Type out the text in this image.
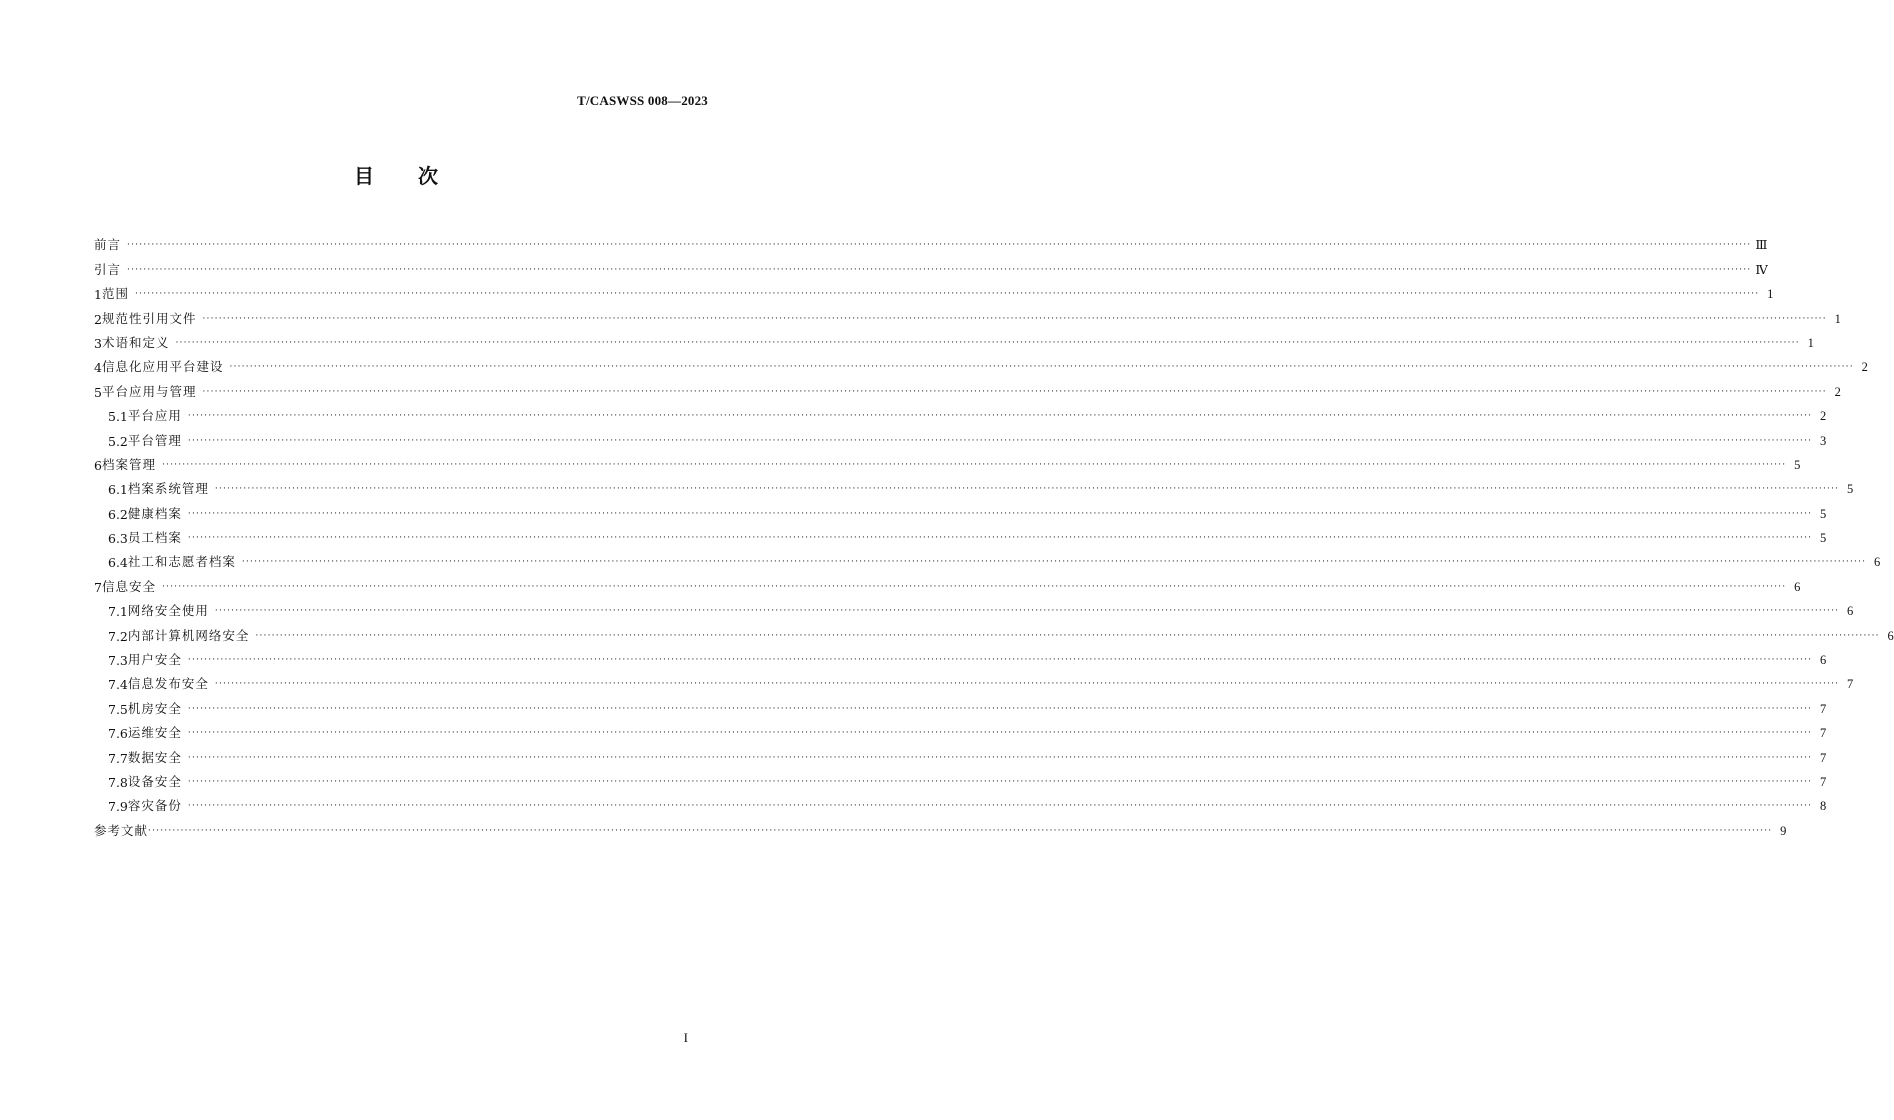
T/CASWSS 008—2023
目次
前言 ················································································································································································································································································································································································································ Ⅲ
引言 ················································································································································································································································································································································································································ Ⅳ
1 范围 ················································································································································································································································································································································································································ 1
2 规范性引用文件 ················································································································································································································································································································································································································ 1
3 术语和定义 ················································································································································································································································································································································································································ 1
4 信息化应用平台建设 ················································································································································································································································································································································································································ 2
5 平台应用与管理 ················································································································································································································································································································································································································ 2
5.1 平台应用 ················································································································································································································································································································································································································ 2
5.2 平台管理 ················································································································································································································································································································································································································ 3
6 档案管理 ················································································································································································································································································································································································································ 5
6.1 档案系统管理 ················································································································································································································································································································································································································ 5
6.2 健康档案 ················································································································································································································································································································································································································ 5
6.3 员工档案 ················································································································································································································································································································································································································ 5
6.4 社工和志愿者档案 ················································································································································································································································································································································································································ 6
7 信息安全 ················································································································································································································································································································································································································ 6
7.1 网络安全使用 ················································································································································································································································································································································································································ 6
7.2 内部计算机网络安全 ················································································································································································································································································································································································································ 6
7.3 用户安全 ················································································································································································································································································································································································································ 6
7.4 信息发布安全 ················································································································································································································································································································································································································ 7
7.5 机房安全 ················································································································································································································································································································································································································ 7
7.6 运维安全 ················································································································································································································································································································································································································ 7
7.7 数据安全 ················································································································································································································································································································································································································ 7
7.8 设备安全 ················································································································································································································································································································································································································ 7
7.9 容灾备份 ················································································································································································································································································································································································································ 8
参考文献 ················································································································································································································································································································································································································ 9
I
